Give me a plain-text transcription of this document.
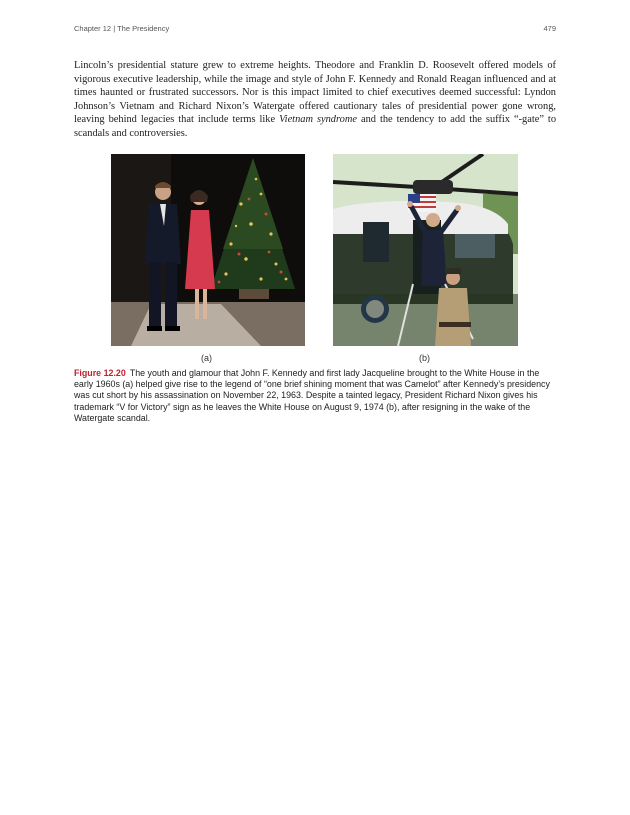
Chapter 12 | The Presidency	479

Lincoln’s presidential stature grew to extreme heights. Theodore and Franklin D. Roosevelt offered models of vigorous executive leadership, while the image and style of John F. Kennedy and Ronald Reagan influenced and at times haunted or frustrated successors. Nor is this impact limited to chief executives deemed successful: Lyndon Johnson’s Vietnam and Richard Nixon’s Watergate offered cautionary tales of presidential power gone wrong, leaving behind legacies that include terms like Vietnam syndrome and the tendency to add the suffix “-gate” to scandals and controversies.

(a)	(b)

Figure 12.20 The youth and glamour that John F. Kennedy and first lady Jacqueline brought to the White House in the early 1960s (a) helped give rise to the legend of “one brief shining moment that was Camelot” after Kennedy’s presidency was cut short by his assassination on November 22, 1963. Despite a tainted legacy, President Richard Nixon gives his trademark “V for Victory” sign as he leaves the White House on August 9, 1974 (b), after resigning in the wake of the Watergate scandal.
